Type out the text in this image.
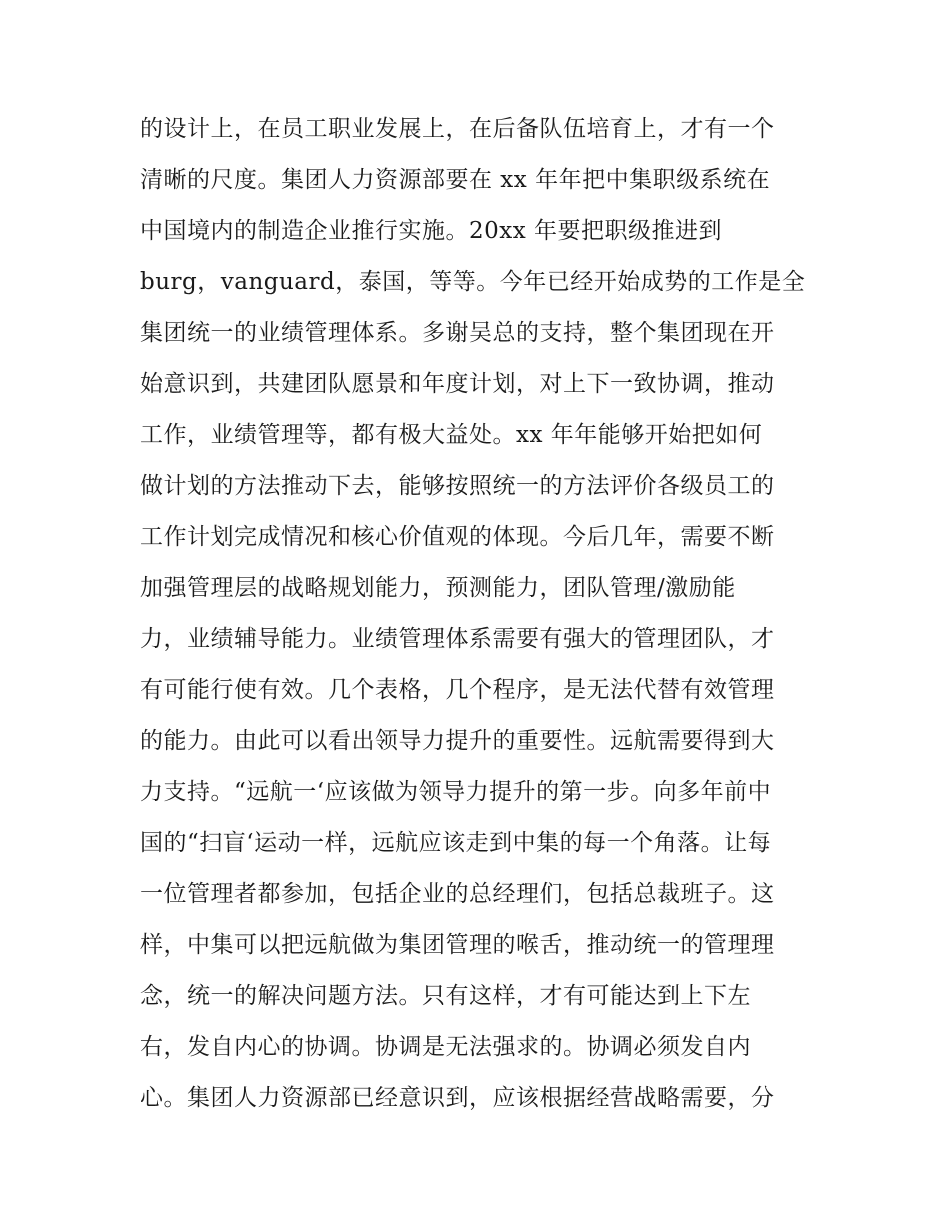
的设计上，在员工职业发展上，在后备队伍培育上，才有一个
清晰的尺度。集团人力资源部要在 xx 年年把中集职级系统在
中国境内的制造企业推行实施。20xx 年要把职级推进到
burg，vanguard，泰国，等等。今年已经开始成势的工作是全
集团统一的业绩管理体系。多谢吴总的支持，整个集团现在开
始意识到，共建团队愿景和年度计划，对上下一致协调，推动
工作，业绩管理等，都有极大益处。xx 年年能够开始把如何
做计划的方法推动下去，能够按照统一的方法评价各级员工的
工作计划完成情况和核心价值观的体现。今后几年，需要不断
加强管理层的战略规划能力，预测能力，团队管理/激励能
力，业绩辅导能力。业绩管理体系需要有强大的管理团队，才
有可能行使有效。几个表格，几个程序，是无法代替有效管理
的能力。由此可以看出领导力提升的重要性。远航需要得到大
力支持。“远航一‘应该做为领导力提升的第一步。向多年前中
国的“扫盲‘运动一样，远航应该走到中集的每一个角落。让每
一位管理者都参加，包括企业的总经理们，包括总裁班子。这
样，中集可以把远航做为集团管理的喉舌，推动统一的管理理
念，统一的解决问题方法。只有这样，才有可能达到上下左
右，发自内心的协调。协调是无法强求的。协调必须发自内
心。集团人力资源部已经意识到，应该根据经营战略需要，分
